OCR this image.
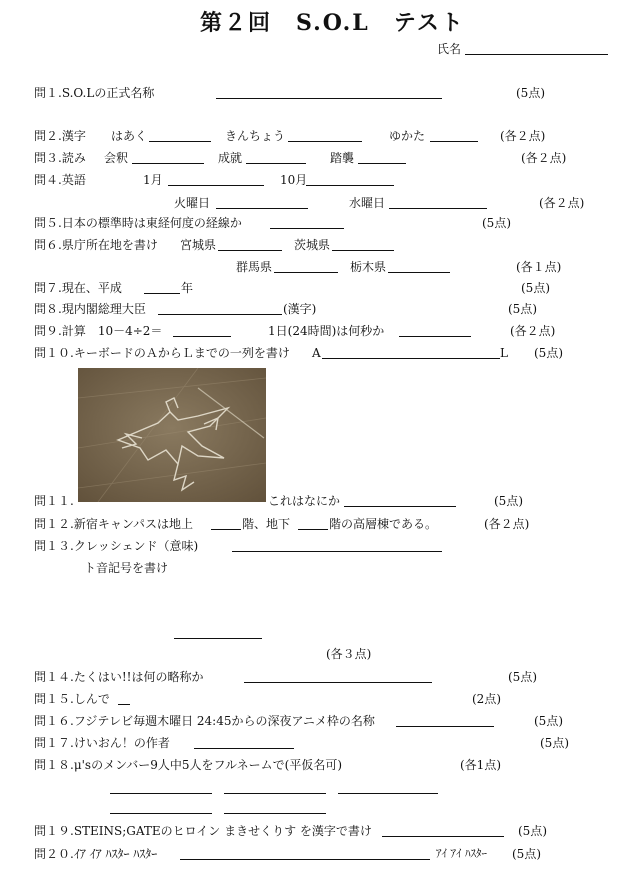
第２回　S.O.L　テスト
氏名
問１.S.O.Lの正式名称	(5点)
問２.漢字 はあく	きんちょう	ゆかた	(各２点)
問３.読み 会釈	成就	踏襲	(各２点)
問４.英語	1月	10月
火曜日	水曜日	(各２点)
問５.日本の標準時は東経何度の経線か	(5点)
問６.県庁所在地を書け 宮城県	茨城県
群馬県	栃木県	(各１点)
問７.現在、平成	年	(5点)
問８.現内閣総理大臣	(漢字)	(5点)
問９.計算　10－4÷2＝	1日(24時間)は何秒か	(各２点)
問１０.キーボードのＡからＬまでの一列を書け A	L (5点)
問１１.	これはなにか	(5点)
問１２.新宿キャンパスは地上	階、地下	階の高層棟である。	(各２点)
問１３.クレッシェンド（意味)
ト音記号を書け
(各３点)
問１４.たくはい!!は何の略称か	(5点)
問１５.しんで	(2点)
問１６.フジテレビ毎週木曜日 24:45からの深夜アニメ枠の名称	(5点)
問１７.けいおん！の作者	(5点)
問１８.μ'sのメンバー9人中5人をフルネームで(平仮名可)	(各1点)
問１９.STEINS;GATEのヒロイン まきせくりす を漢字で書け	(5点)
問２０.ｲｱ ｲｱ ﾊｽﾀｰ ﾊｽﾀｰ	ｱｲ ｱｲ ﾊｽﾀｰ (5点)
